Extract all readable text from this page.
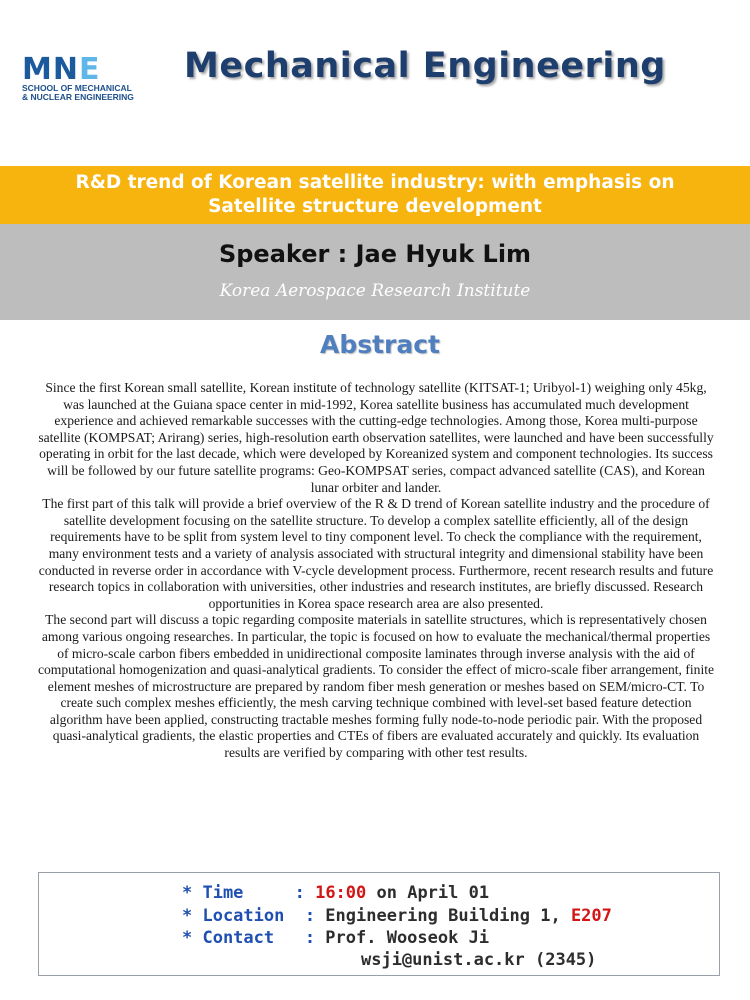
MNE
SCHOOL OF MECHANICAL
& NUCLEAR ENGINEERING
Mechanical Engineering
R&D trend of Korean satellite industry: with emphasis on
Satellite structure development
Speaker : Jae Hyuk Lim
Korea Aerospace Research Institute
Abstract

Since the first Korean small satellite, Korean institute of technology satellite (KITSAT-1; Uribyol-1) weighing only 45kg, was launched at the Guiana space center in mid-1992, Korea satellite business has accumulated much development experience and achieved remarkable successes with the cutting-edge technologies. Among those, Korea multi-purpose satellite (KOMPSAT; Arirang) series, high-resolution earth observation satellites, were launched and have been successfully operating in orbit for the last decade, which were developed by Koreanized system and component technologies. Its success will be followed by our future satellite programs: Geo-KOMPSAT series, compact advanced satellite (CAS), and Korean lunar orbiter and lander.

The first part of this talk will provide a brief overview of the R & D trend of Korean satellite industry and the procedure of satellite development focusing on the satellite structure. To develop a complex satellite efficiently, all of the design requirements have to be split from system level to tiny component level. To check the compliance with the requirement, many environment tests and a variety of analysis associated with structural integrity and dimensional stability have been conducted in reverse order in accordance with V-cycle development process. Furthermore, recent research results and future research topics in collaboration with universities, other industries and research institutes, are briefly discussed. Research opportunities in Korea space research area are also presented.

The second part will discuss a topic regarding composite materials in satellite structures, which is representatively chosen among various ongoing researches. In particular, the topic is focused on how to evaluate the mechanical/thermal properties of micro-scale carbon fibers embedded in unidirectional composite laminates through inverse analysis with the aid of computational homogenization and quasi-analytical gradients. To consider the effect of micro-scale fiber arrangement, finite element meshes of microstructure are prepared by random fiber mesh generation or meshes based on SEM/micro-CT. To create such complex meshes efficiently, the mesh carving technique combined with level-set based feature detection algorithm have been applied, constructing tractable meshes forming fully node-to-node periodic pair. With the proposed quasi-analytical gradients, the elastic properties and CTEs of fibers are evaluated accurately and quickly. Its evaluation results are verified by comparing with other test results.

* Time     : 16:00 on April 01
* Location  : Engineering Building 1, E207
* Contact   : Prof. Wooseok Ji
wsji@unist.ac.kr (2345)
